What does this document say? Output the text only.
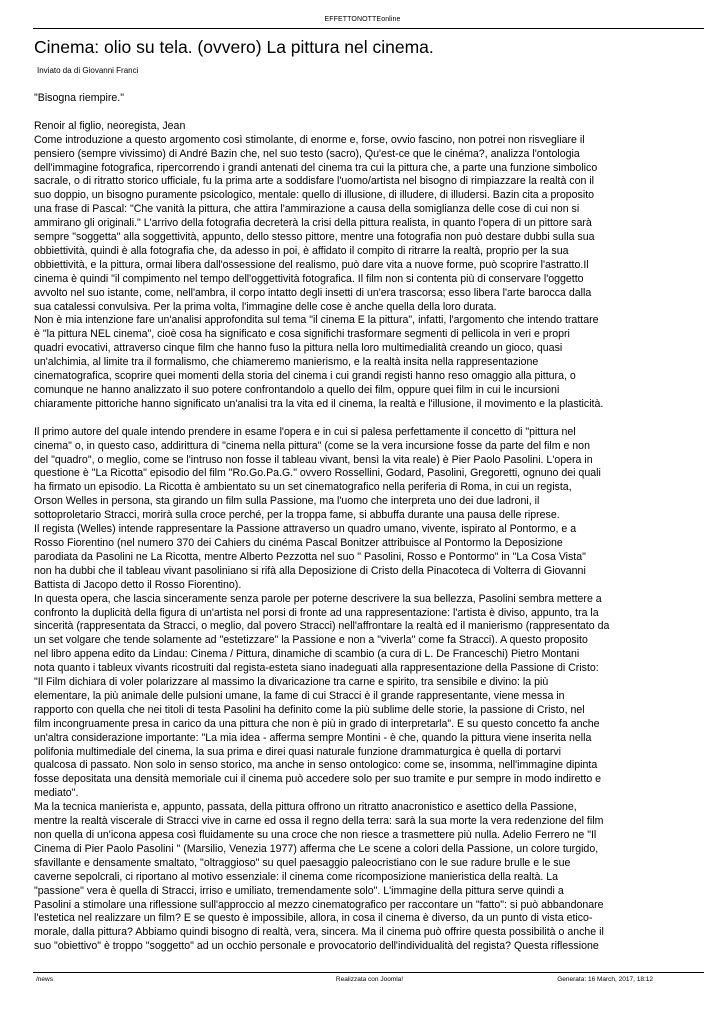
EFFETTONOTTEonline
Cinema: olio su tela. (ovvero) La pittura nel cinema.
Inviato da di Giovanni Franci

"Bisogna riempire."

Renoir al figlio, neoregista, Jean
Come introduzione a questo argomento così stimolante, di enorme e, forse, ovvio fascino, non potrei non risvegliare il
pensiero (sempre vivissimo) di André Bazin che, nel suo testo (sacro), Qu'est-ce que le cinéma?, analizza l'ontologia
dell'immagine fotografica, ripercorrendo i grandi antenati del cinema tra cui la pittura che, a parte una funzione simbolico
sacrale, o di ritratto storico ufficiale, fu la prima arte a soddisfare l'uomo/artista nel bisogno di rimpiazzare la realtà con il
suo doppio, un bisogno puramente psicologico, mentale: quello di illusione, di illudere, di illudersi. Bazin cita a proposito
una frase di Pascal: "Che vanità la pittura, che attira l'ammirazione a causa della somiglianza delle cose di cui non si
ammirano gli originali." L'arrivo della fotografia decreterà la crisi della pittura realista, in quanto l'opera di un pittore sarà
sempre "soggetta" alla soggettività, appunto, dello stesso pittore, mentre una fotografia non può destare dubbi sulla sua
obbiettività, quindi è alla fotografia che, da adesso in poi, è affidato il compito di ritrarre la realtà, proprio per la sua
obbiettività, e la pittura, ormai libera dall'ossessione del realismo, può dare vita a nuove forme, può scoprire l'astratto.Il
cinema è quindi "il compimento nel tempo dell'oggettività fotografica. Il film non si contenta più di conservare l'oggetto
avvolto nel suo istante, come, nell'ambra, il corpo intatto degli insetti di un'era trascorsa; esso libera l'arte barocca dalla
sua catalessi convulsiva. Per la prima volta, l'immagine delle cose è anche quella della loro durata.
Non è mia intenzione fare un'analisi approfondita sul tema "il cinema E la pittura", infatti, l'argomento che intendo trattare
è "la pittura NEL cinema", cioè cosa ha significato e cosa significhi trasformare segmenti di pellicola in veri e propri
quadri evocativi, attraverso cinque film che hanno fuso la pittura nella loro multimedialità creando un gioco, quasi
un'alchimia, al limite tra il formalismo, che chiameremo manierismo, e la realtà insita nella rappresentazione
cinematografica, scoprire quei momenti della storia del cinema i cui grandi registi hanno reso omaggio alla pittura, o
comunque ne hanno analizzato il suo potere confrontandolo a quello dei film, oppure quei film in cui le incursioni
chiaramente pittoriche hanno significato un'analisi tra la vita ed il cinema, la realtà e l'illusione, il movimento e la plasticità.

Il primo autore del quale intendo prendere in esame l'opera e in cui si palesa perfettamente il concetto di "pittura nel
cinema" o, in questo caso, addirittura di "cinema nella pittura" (come se la vera incursione fosse da parte del film e non
del "quadro", o meglio, come se l'intruso non fosse il tableau vivant, bensì la vita reale) è Pier Paolo Pasolini. L'opera in
questione è "La Ricotta" episodio del film "Ro.Go.Pa.G." ovvero Rossellini, Godard, Pasolini, Gregoretti, ognuno dei quali
ha firmato un episodio. La Ricotta è ambientato su un set cinematografico nella periferia di Roma, in cui un regista,
Orson Welles in persona, sta girando un film sulla Passione, ma l'uomo che interpreta uno dei due ladroni, il
sottoproletario Stracci, morirà sulla croce perché, per la troppa fame, si abbuffa durante una pausa delle riprese.
Il regista (Welles) intende rappresentare la Passione attraverso un quadro umano, vivente, ispirato al Pontormo, e a
Rosso Fiorentino (nel numero 370 dei Cahiers du cinéma Pascal Bonitzer attribuisce al Pontormo la Deposizione
parodiata da Pasolini ne La Ricotta, mentre Alberto Pezzotta nel suo " Pasolini, Rosso e Pontormo" in "La Cosa Vista"
non ha dubbi che il tableau vivant pasoliniano si rifà alla Deposizione di Cristo della Pinacoteca di Volterra di Giovanni
Battista di Jacopo detto il Rosso Fiorentino).
In questa opera, che lascia sinceramente senza parole per poterne descrivere la sua bellezza, Pasolini sembra mettere a
confronto la duplicità della figura di un'artista nel porsi di fronte ad una rappresentazione: l'artista è diviso, appunto, tra la
sincerità (rappresentata da Stracci, o meglio, dal povero Stracci) nell'affrontare la realtà ed il manierismo (rappresentato da
un set volgare che tende solamente ad "estetizzare" la Passione e non a "viverla" come fa Stracci). A questo proposito
nel libro appena edito da Lindau: Cinema / Pittura, dinamiche di scambio (a cura di L. De Franceschi) Pietro Montani
nota quanto i tableux vivants ricostruiti dal regista-esteta siano inadeguati alla rappresentazione della Passione di Cristo:
"Il Film dichiara di voler polarizzare al massimo la divaricazione tra carne e spirito, tra sensibile e divino: la più
elementare, la più animale delle pulsioni umane, la fame di cui Stracci è il grande rappresentante, viene messa in
rapporto con quella che nei titoli di testa Pasolini ha definito come la più sublime delle storie, la passione di Cristo, nel
film incongruamente presa in carico da una pittura che non è più in grado di interpretarla". E su questo concetto fa anche
un'altra considerazione importante: "La mia idea - afferma sempre Montini - è che, quando la pittura viene inserita nella
polifonia multimediale del cinema, la sua prima e direi quasi naturale funzione drammaturgica è quella di portarvi
qualcosa di passato. Non solo in senso storico, ma anche in senso ontologico: come se, insomma, nell'immagine dipinta
fosse depositata una densità memoriale cui il cinema può accedere solo per suo tramite e pur sempre in modo indiretto e
mediato".
Ma la tecnica manierista e, appunto, passata, della pittura offrono un ritratto anacronistico e asettico della Passione,
mentre la realtà viscerale di Stracci vive in carne ed ossa il regno della terra: sarà la sua morte la vera redenzione del film
non quella di un'icona appesa così fluidamente su una croce che non riesce a trasmettere più nulla. Adelio Ferrero ne "Il
Cinema di Pier Paolo Pasolini " (Marsilio, Venezia 1977) afferma che Le scene a colori della Passione, un colore turgido,
sfavillante e densamente smaltato, "oltraggioso" su quel paesaggio paleocristiano con le sue radure brulle e le sue
caverne sepolcrali, ci riportano al motivo essenziale: il cinema come ricomposizione manieristica della realtà. La
"passione" vera è quella di Stracci, irriso e umiliato, tremendamente solo". L'immagine della pittura serve quindi a
Pasolini a stimolare una riflessione sull'approccio al mezzo cinematografico per raccontare un "fatto": si può abbandonare
l'estetica nel realizzare un film? E se questo è impossibile, allora, in cosa il cinema è diverso, da un punto di vista etico-
morale, dalla pittura? Abbiamo quindi bisogno di realtà, vera, sincera. Ma il cinema può offrire questa possibilità o anche il
suo "obiettivo" è troppo "soggetto" ad un occhio personale e provocatorio dell'individualità del regista? Questa riflessione

/news	Realizzata con Joomla!	Generata: 16 March, 2017, 18:12
